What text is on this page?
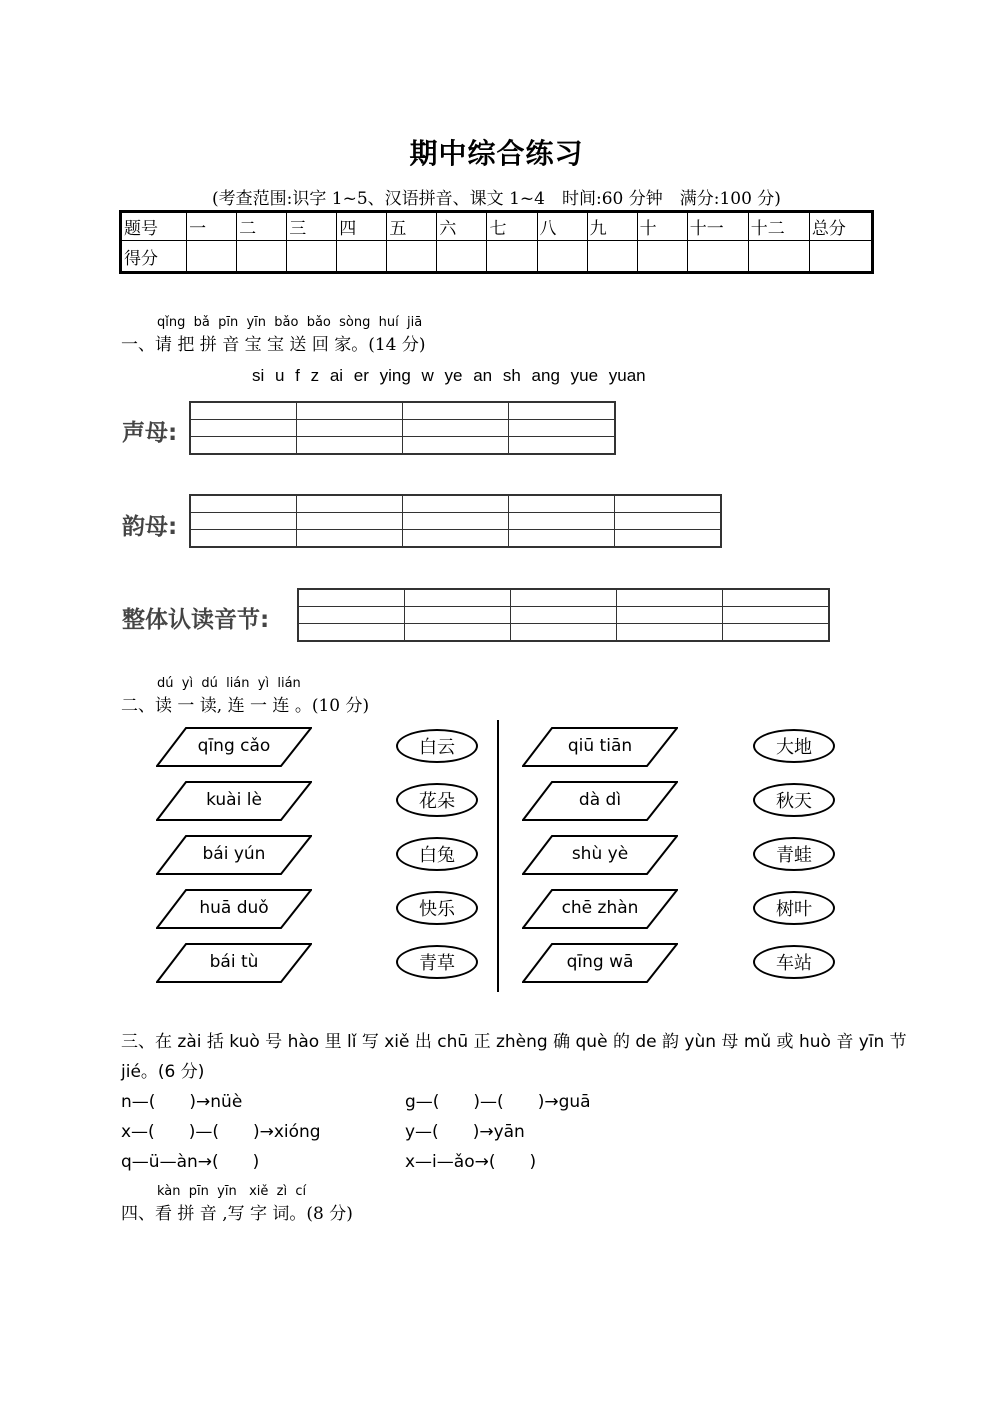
期中综合练习
(考查范围:识字 1~5、汉语拼音、课文 1~4　时间:60 分钟　满分:100 分)
题号	一	二	三	四	五	六	七	八	九	十	十一	十二	总分
得分													
qǐng  bǎ  pīn  yīn  bǎo  bǎo  sòng  huí  jiā
一、请 把 拼 音 宝 宝 送 回 家。(14 分)
si u f z ai er ying w ye an sh ang yue yuan
声母:

韵母:

整体认读音节:

dú  yì  dú  lián  yì  lián
二、读 一 读, 连 一 连 。(10 分)
qīng cǎo
kuài lè
bái yún
huā duǒ
bái tù
白云
花朵
白兔
快乐
青草
qiū tiān
dà dì
shù yè
chē zhàn
qīng wā
大地
秋天
青蛙
树叶
车站
三、在 zài 括 kuò 号 hào 里 lǐ 写 xiě 出 chū 正 zhèng 确 què 的 de 韵 yùn 母 mǔ 或 huò 音 yīn 节
jié。(6 分)
n—(　　)→nüè	g—(　　)—(　　)→guā
x—(　　)—(　　)→xióng	y—(　　)→yān
q—ü—àn→(　　)	x—i—ǎo→(　　)
kàn  pīn  yīn   xiě  zì  cí
四、看 拼 音 ,写 字 词。(8 分)
